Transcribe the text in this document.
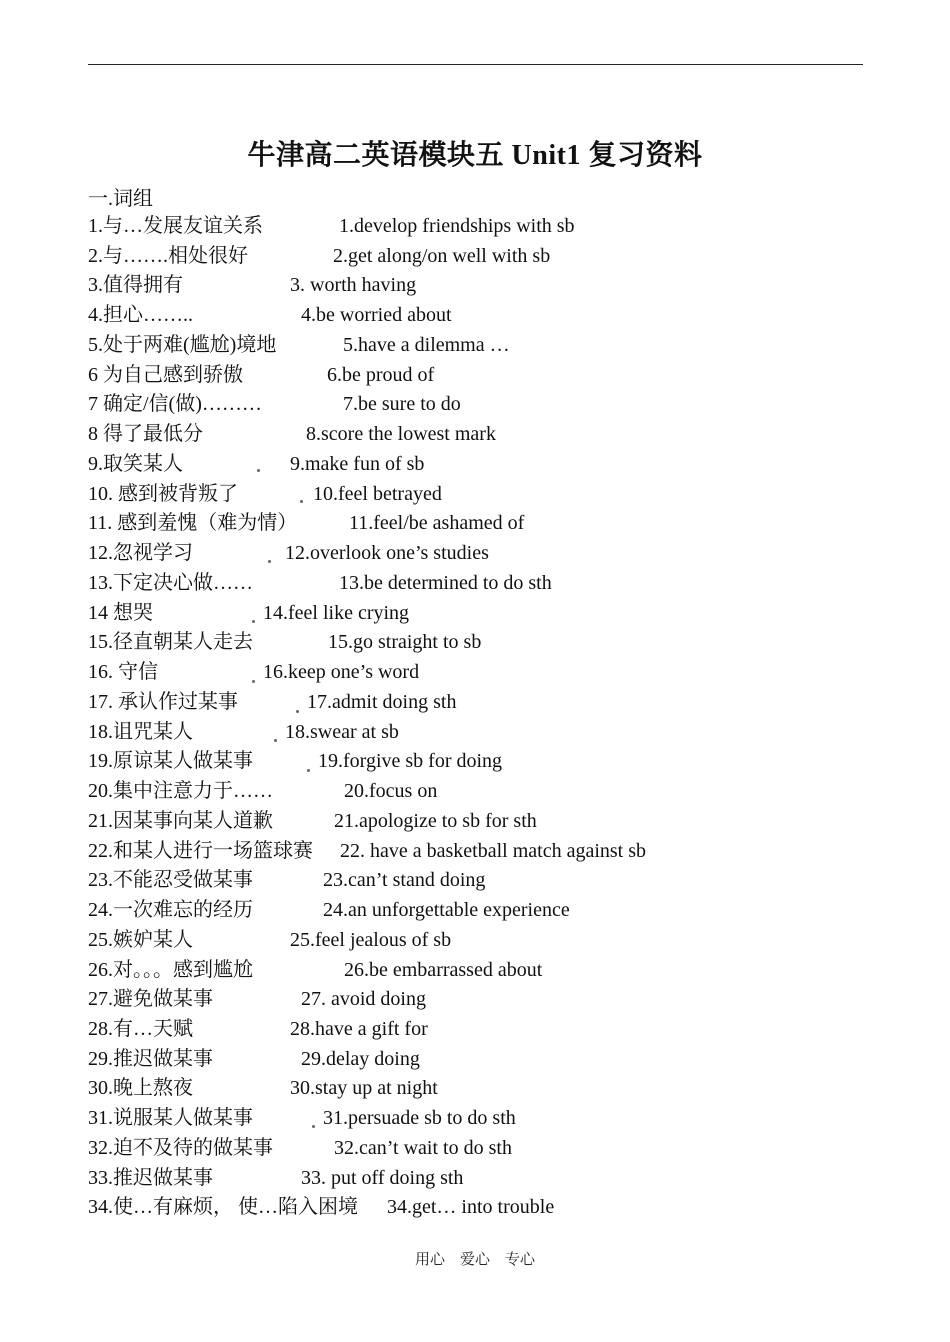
牛津高二英语模块五 Unit1 复习资料
一.词组
1.与…发展友谊关系	1.develop friendships with sb
2.与…….相处很好	2.get along/on well with sb
3.值得拥有	3. worth having
4.担心……..	4.be worried about
5.处于两难(尴尬)境地	5.have a dilemma …
6 为自己感到骄傲	6.be proud of
7 确定/信(做)………	7.be sure to do
8 得了最低分	8.score the lowest mark
9.取笑某人	9.make fun of sb
10. 感到被背叛了	10.feel betrayed
11. 感到羞愧（难为情）	11.feel/be ashamed of
12.忽视学习	12.overlook one’s studies
13.下定决心做……	13.be determined to do sth
14 想哭	14.feel like crying
15.径直朝某人走去	15.go straight to sb
16. 守信	16.keep one’s word
17. 承认作过某事	17.admit doing sth
18.诅咒某人	18.swear at sb
19.原谅某人做某事	19.forgive sb for doing
20.集中注意力于……	20.focus on
21.因某事向某人道歉	21.apologize to sb for sth
22.和某人进行一场篮球赛 22. have a basketball match against sb
23.不能忍受做某事	23.can’t stand doing
24.一次难忘的经历	24.an unforgettable experience
25.嫉妒某人	25.feel jealous of sb
26.对。。。感到尴尬	26.be embarrassed about
27.避免做某事	27. avoid doing
28.有…天赋	28.have a gift for
29.推迟做某事	29.delay doing
30.晚上熬夜	30.stay up at night
31.说服某人做某事	31.persuade sb to do sth
32.迫不及待的做某事	32.can’t wait to do sth
33.推迟做某事	33. put off doing sth
34.使…有麻烦， 使…陷入困境 34.get… into trouble
用心    爱心    专心
